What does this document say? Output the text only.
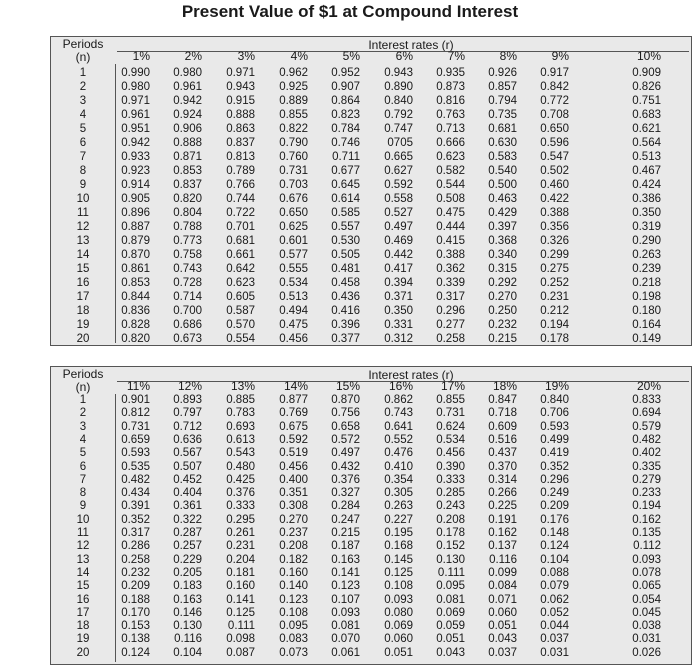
Present Value of $1 at Compound Interest
Periods
(n)
Interest rates (r)
1%	2%	3%	4%	5%	6%	7%	8%	9%	10%
1	0.990	0.980	0.971	0.962	0.952	0.943	0.935	0.926	0.917	0.909
2	0.980	0.961	0.943	0.925	0.907	0.890	0.873	0.857	0.842	0.826
3	0.971	0.942	0.915	0.889	0.864	0.840	0.816	0.794	0.772	0.751
4	0.961	0.924	0.888	0.855	0.823	0.792	0.763	0.735	0.708	0.683
5	0.951	0.906	0.863	0.822	0.784	0.747	0.713	0.681	0.650	0.621
6	0.942	0.888	0.837	0.790	0.746	0705	0.666	0.630	0.596	0.564
7	0.933	0.871	0.813	0.760	0.711	0.665	0.623	0.583	0.547	0.513
8	0.923	0.853	0.789	0.731	0.677	0.627	0.582	0.540	0.502	0.467
9	0.914	0.837	0.766	0.703	0.645	0.592	0.544	0.500	0.460	0.424
10	0.905	0.820	0.744	0.676	0.614	0.558	0.508	0.463	0.422	0.386
11	0.896	0.804	0.722	0.650	0.585	0.527	0.475	0.429	0.388	0.350
12	0.887	0.788	0.701	0.625	0.557	0.497	0.444	0.397	0.356	0.319
13	0.879	0.773	0.681	0.601	0.530	0.469	0.415	0.368	0.326	0.290
14	0.870	0.758	0.661	0.577	0.505	0.442	0.388	0.340	0.299	0.263
15	0.861	0.743	0.642	0.555	0.481	0.417	0.362	0.315	0.275	0.239
16	0.853	0.728	0.623	0.534	0.458	0.394	0.339	0.292	0.252	0.218
17	0.844	0.714	0.605	0.513	0.436	0.371	0.317	0.270	0.231	0.198
18	0.836	0.700	0.587	0.494	0.416	0.350	0.296	0.250	0.212	0.180
19	0.828	0.686	0.570	0.475	0.396	0.331	0.277	0.232	0.194	0.164
20	0.820	0.673	0.554	0.456	0.377	0.312	0.258	0.215	0.178	0.149
Periods
(n)
Interest rates (r)
11%	12%	13%	14%	15%	16%	17%	18%	19%	20%
1	0.901	0.893	0.885	0.877	0.870	0.862	0.855	0.847	0.840	0.833
2	0.812	0.797	0.783	0.769	0.756	0.743	0.731	0.718	0.706	0.694
3	0.731	0.712	0.693	0.675	0.658	0.641	0.624	0.609	0.593	0.579
4	0.659	0.636	0.613	0.592	0.572	0.552	0.534	0.516	0.499	0.482
5	0.593	0.567	0.543	0.519	0.497	0.476	0.456	0.437	0.419	0.402
6	0.535	0.507	0.480	0.456	0.432	0.410	0.390	0.370	0.352	0.335
7	0.482	0.452	0.425	0.400	0.376	0.354	0.333	0.314	0.296	0.279
8	0.434	0.404	0.376	0.351	0.327	0.305	0.285	0.266	0.249	0.233
9	0.391	0.361	0.333	0.308	0.284	0.263	0.243	0.225	0.209	0.194
10	0.352	0.322	0.295	0.270	0.247	0.227	0.208	0.191	0.176	0.162
11	0.317	0.287	0.261	0.237	0.215	0.195	0.178	0.162	0.148	0.135
12	0.286	0.257	0.231	0.208	0.187	0.168	0.152	0.137	0.124	0.112
13	0.258	0.229	0.204	0.182	0.163	0.145	0.130	0.116	0.104	0.093
14	0.232	0.205	0.181	0.160	0.141	0.125	0.111	0.099	0.088	0.078
15	0.209	0.183	0.160	0.140	0.123	0.108	0.095	0.084	0.079	0.065
16	0.188	0.163	0.141	0.123	0.107	0.093	0.081	0.071	0.062	0.054
17	0.170	0.146	0.125	0.108	0.093	0.080	0.069	0.060	0.052	0.045
18	0.153	0.130	0.111	0.095	0.081	0.069	0.059	0.051	0.044	0.038
19	0.138	0.116	0.098	0.083	0.070	0.060	0.051	0.043	0.037	0.031
20	0.124	0.104	0.087	0.073	0.061	0.051	0.043	0.037	0.031	0.026
